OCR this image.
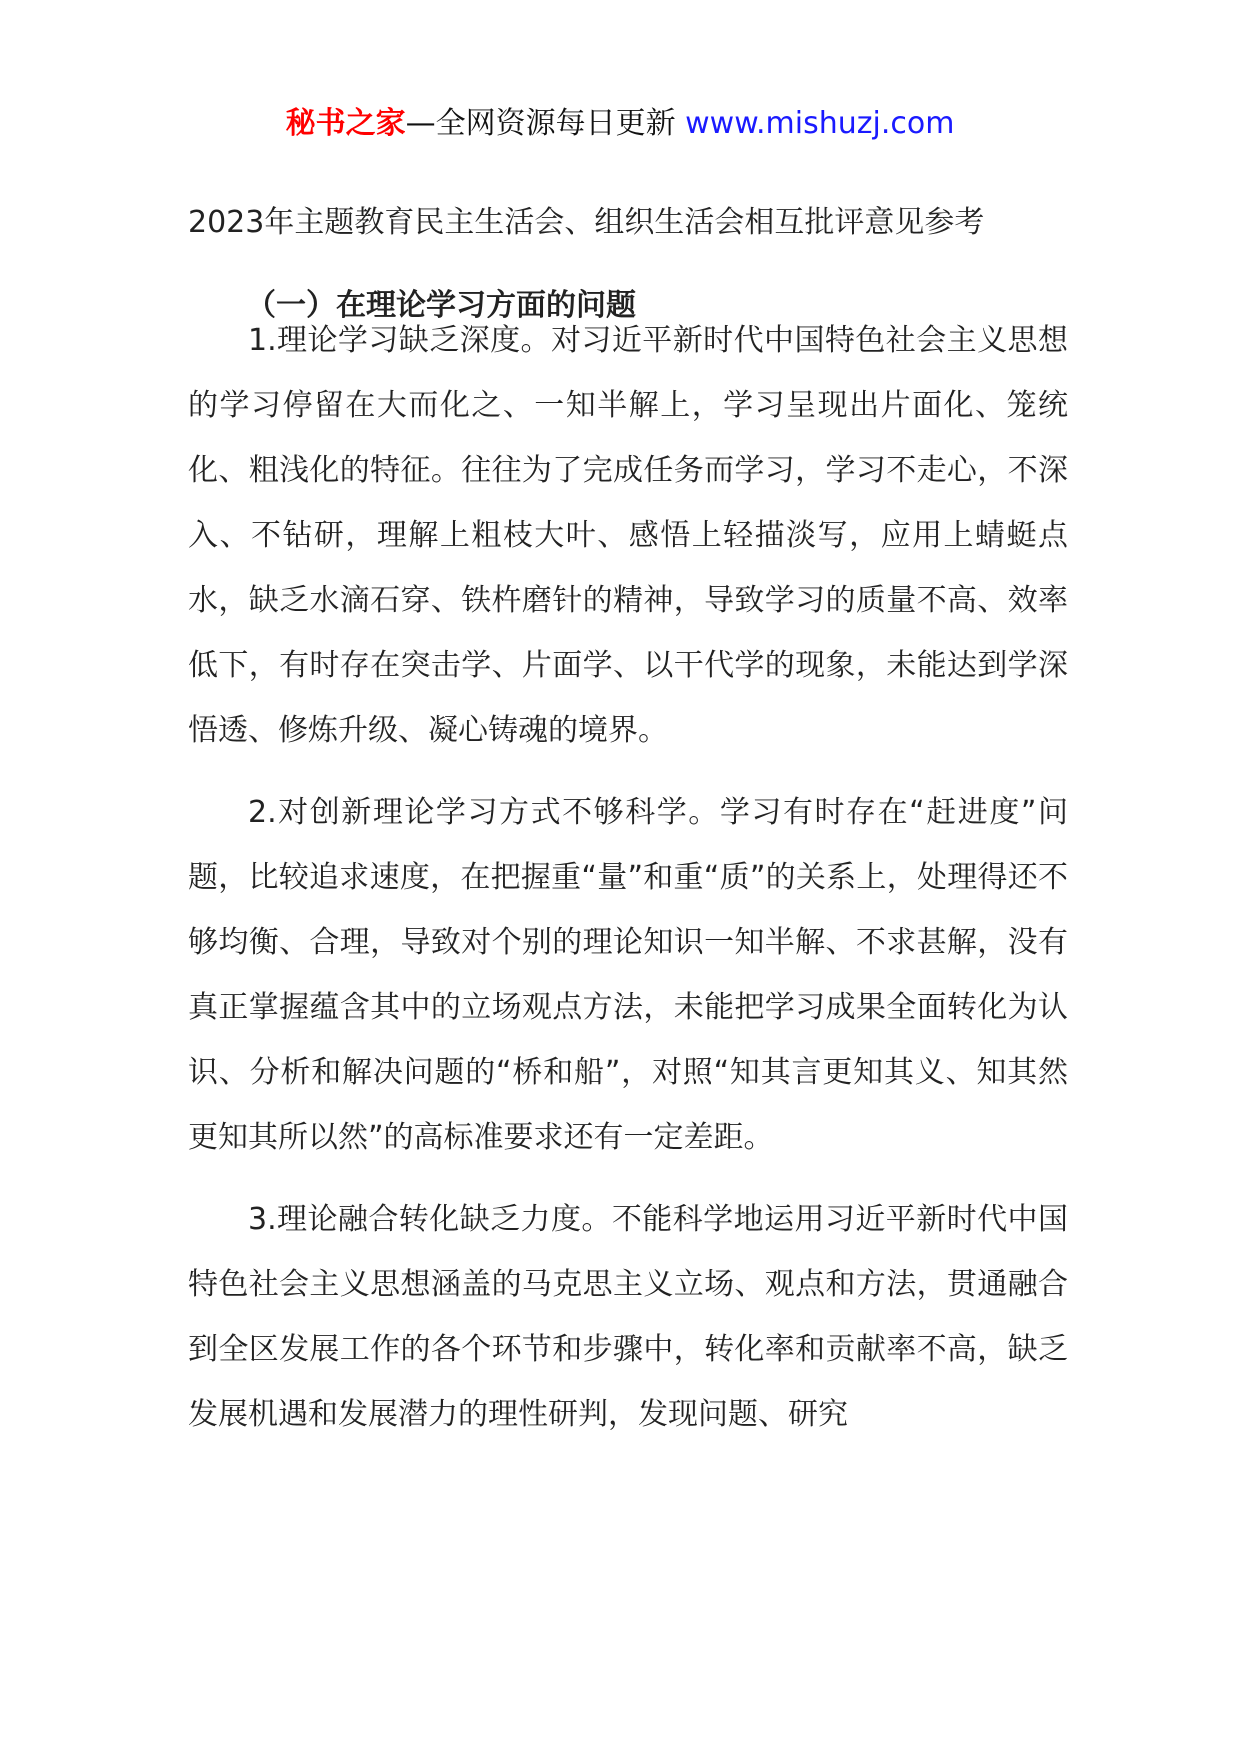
秘书之家—全网资源每日更新 www.mishuzj.com
2023年主题教育民主生活会、组织生活会相互批评意见参考
（一）在理论学习方面的问题

1.理论学习缺乏深度。对习近平新时代中国特色社会主义思想的学习停留在大而化之、一知半解上，学习呈现出片面化、笼统化、粗浅化的特征。往往为了完成任务而学习，学习不走心，不深入、不钻研，理解上粗枝大叶、感悟上轻描淡写，应用上蜻蜓点水，缺乏水滴石穿、铁杵磨针的精神，导致学习的质量不高、效率低下，有时存在突击学、片面学、以干代学的现象，未能达到学深悟透、修炼升级、凝心铸魂的境界。

2.对创新理论学习方式不够科学。学习有时存在“赶进度”问题，比较追求速度，在把握重“量”和重“质”的关系上，处理得还不够均衡、合理，导致对个别的理论知识一知半解、不求甚解，没有真正掌握蕴含其中的立场观点方法，未能把学习成果全面转化为认识、分析和解决问题的“桥和船”，对照“知其言更知其义、知其然更知其所以然”的高标准要求还有一定差距。

3.理论融合转化缺乏力度。不能科学地运用习近平新时代中国特色社会主义思想涵盖的马克思主义立场、观点和方法，贯通融合到全区发展工作的各个环节和步骤中，转化率和贡献率不高，缺乏发展机遇和发展潜力的理性研判，发现问题、研究
